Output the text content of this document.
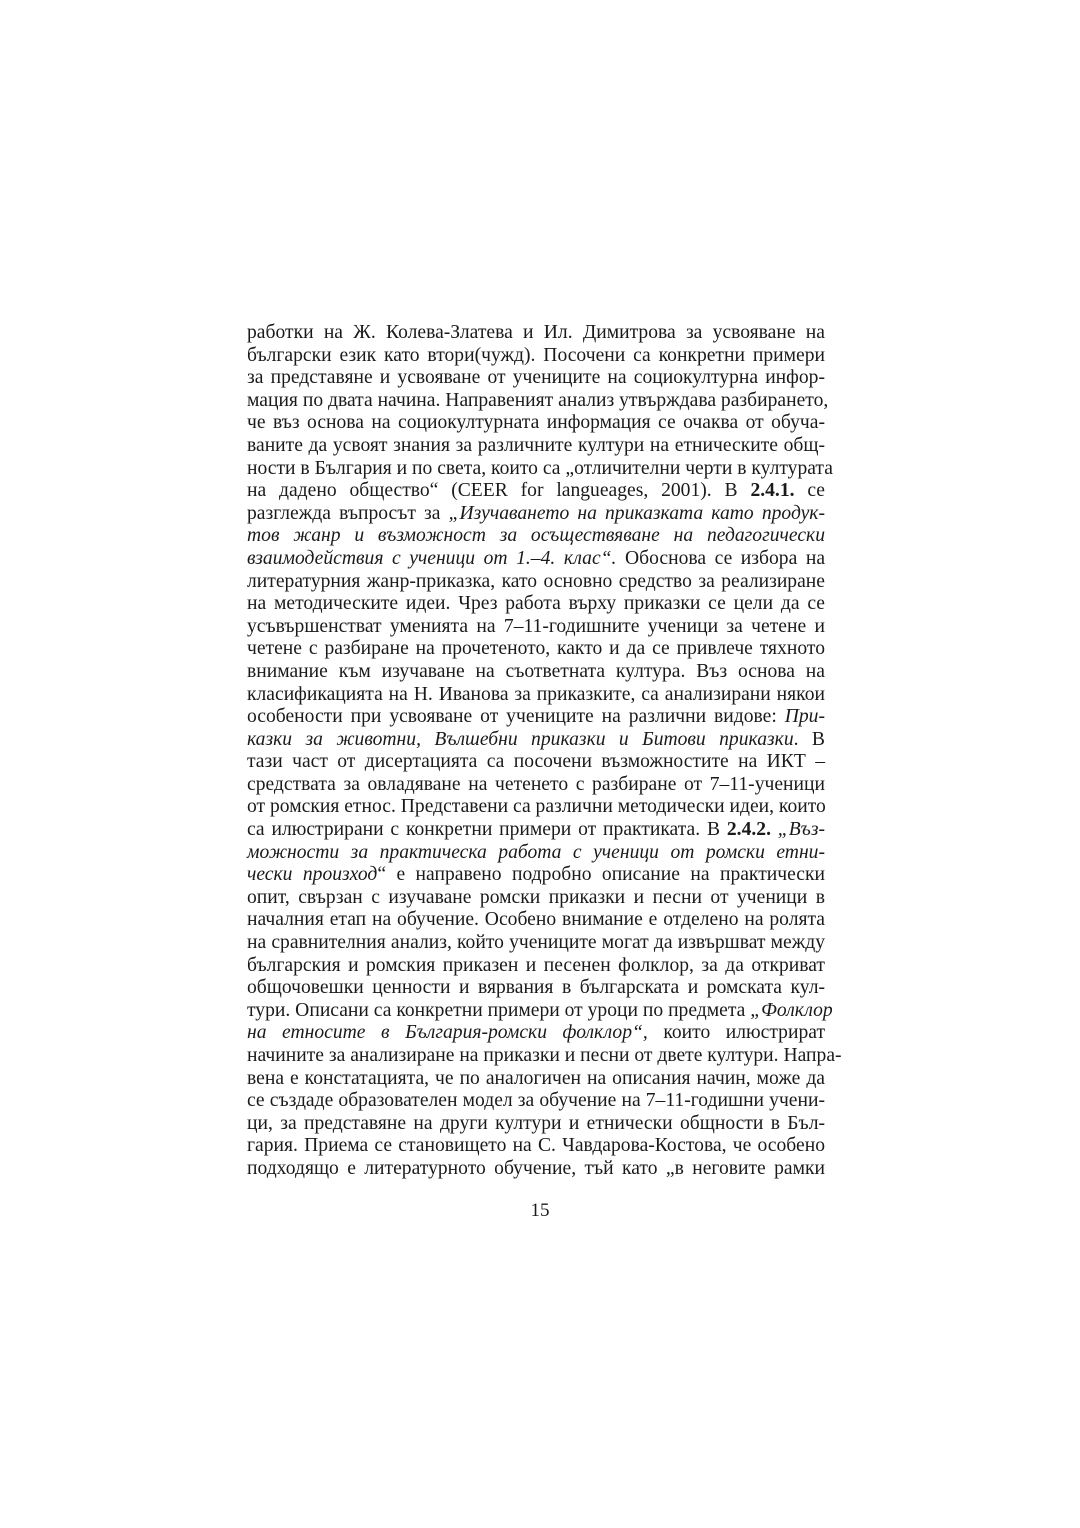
работки на Ж. Колева-Златева и Ил. Димитрова за усвояване на
български език като втори(чужд). Посочени са конкретни примери
за представяне и усвояване от учениците на социокултурна инфор-
мация по двата начина. Направеният анализ утвърждава разбирането,
че въз основа на социокултурната информация се очаква от обуча-
ваните да усвоят знания за различните култури на етническите общ-
ности в България и по света, които са „отличителни черти в културата
на дадено общество“ (CEER for langueages, 2001). В 2.4.1. се
разглежда въпросът за „Изучаването на приказката като продук-
тов жанр и възможност за осъществяване на педагогически
взаимодействия с ученици от 1.–4. клас“. Обоснова се избора на
литературния жанр-приказка, като основно средство за реализиране
на методическите идеи. Чрез работа върху приказки се цели да се
усъвършенстват уменията на 7–11-годишните ученици за четене и
четене с разбиране на прочетеното, както и да се привлече тяхното
внимание към изучаване на съответната култура. Въз основа на
класификацията на Н. Иванова за приказките, са анализирани някои
особености при усвояване от учениците на различни видове: При-
казки за животни, Вълшебни приказки и Битови приказки. В
тази част от дисертацията са посочени възможностите на ИКТ –
средствата за овладяване на четенето с разбиране от 7–11-ученици
от ромския етнос. Представени са различни методически идеи, които
са илюстрирани с конкретни примери от практиката. В 2.4.2. „Въз-
можности за практическа работа с ученици от ромски етни-
чески произход“ е направено подробно описание на практически
опит, свързан с изучаване ромски приказки и песни от ученици в
началния етап на обучение. Особено внимание е отделено на ролята
на сравнителния анализ, който учениците могат да извършват между
българския и ромския приказен и песенен фолклор, за да откриват
общочовешки ценности и вярвания в българската и ромската кул-
тури. Описани са конкретни примери от уроци по предмета „Фолклор
на етносите в България-ромски фолклор“, които илюстрират
начините за анализиране на приказки и песни от двете култури. Напра-
вена е констатацията, че по аналогичен на описания начин, може да
се създаде образователен модел за обучение на 7–11-годишни учени-
ци, за представяне на други култури и етнически общности в Бъл-
гария. Приема се становището на С. Чавдарова-Костова, че особено
подходящо е литературното обучение, тъй като „в неговите рамки
15
